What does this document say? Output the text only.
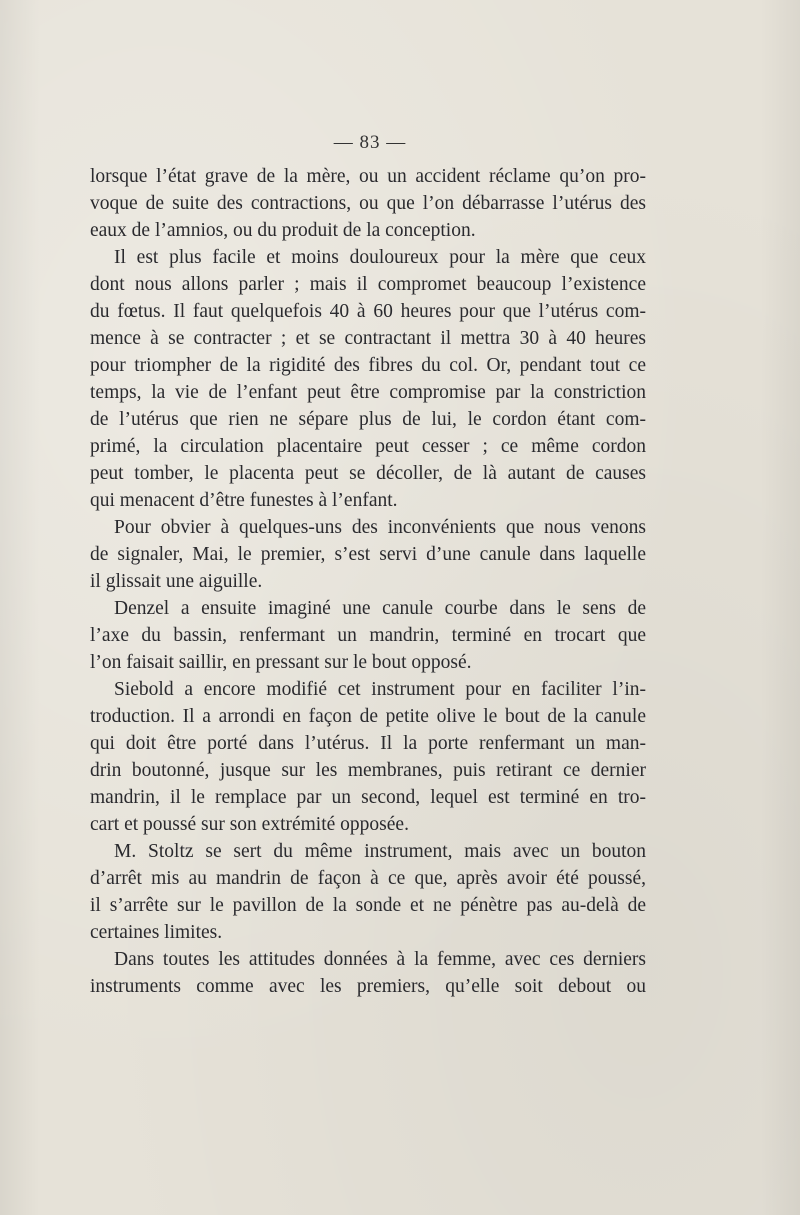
— 83 —
lorsque l’état grave de la mère, ou un accident réclame qu’on pro-
voque de suite des contractions, ou que l’on débarrasse l’utérus des
eaux de l’amnios, ou du produit de la conception.
Il est plus facile et moins douloureux pour la mère que ceux
dont nous allons parler ; mais il compromet beaucoup l’existence
du fœtus. Il faut quelquefois 40 à 60 heures pour que l’utérus com-
mence à se contracter ; et se contractant il mettra 30 à 40 heures
pour triompher de la rigidité des fibres du col. Or, pendant tout ce
temps, la vie de l’enfant peut être compromise par la constriction
de l’utérus que rien ne sépare plus de lui, le cordon étant com-
primé, la circulation placentaire peut cesser ; ce même cordon
peut tomber, le placenta peut se décoller, de là autant de causes
qui menacent d’être funestes à l’enfant.
Pour obvier à quelques-uns des inconvénients que nous venons
de signaler, Mai, le premier, s’est servi d’une canule dans laquelle
il glissait une aiguille.
Denzel a ensuite imaginé une canule courbe dans le sens de
l’axe du bassin, renfermant un mandrin, terminé en trocart que
l’on faisait saillir, en pressant sur le bout opposé.
Siebold a encore modifié cet instrument pour en faciliter l’in-
troduction. Il a arrondi en façon de petite olive le bout de la canule
qui doit être porté dans l’utérus. Il la porte renfermant un man-
drin boutonné, jusque sur les membranes, puis retirant ce dernier
mandrin, il le remplace par un second, lequel est terminé en tro-
cart et poussé sur son extrémité opposée.
M. Stoltz se sert du même instrument, mais avec un bouton
d’arrêt mis au mandrin de façon à ce que, après avoir été poussé,
il s’arrête sur le pavillon de la sonde et ne pénètre pas au-delà de
certaines limites.
Dans toutes les attitudes données à la femme, avec ces derniers
instruments comme avec les premiers, qu’elle soit debout ou
